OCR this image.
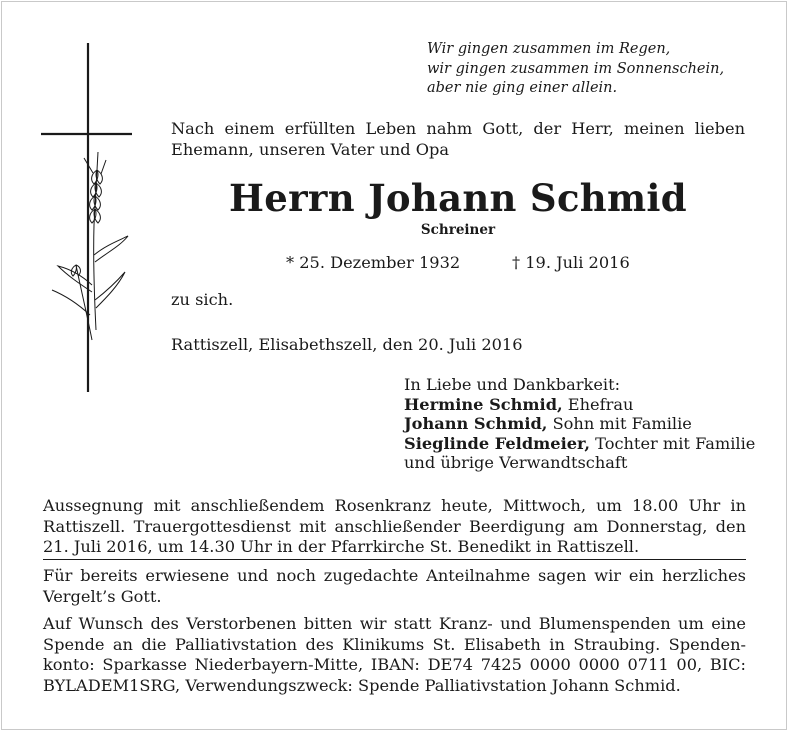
Wir gingen zusammen im Regen,
wir gingen zusammen im Sonnenschein,
aber nie ging einer allein.

Nach einem erfüllten Leben nahm Gott, der Herr, meinen lieben Ehemann, unseren Vater und Opa

Herrn Johann Schmid
Schreiner
* 25. Dezember 1932	† 19. Juli 2016
zu sich.
Rattiszell, Elisabethszell, den 20. Juli 2016
In Liebe und Dankbarkeit:
Hermine Schmid, Ehefrau
Johann Schmid, Sohn mit Familie
Sieglinde Feldmeier, Tochter mit Familie
und übrige Verwandtschaft

Aussegnung mit anschließendem Rosenkranz heute, Mittwoch, um 18.00 Uhr in Rattiszell. Trauergottesdienst mit anschließender Beerdigung am Donnerstag, den 21. Juli 2016, um 14.30 Uhr in der Pfarrkirche St. Benedikt in Rattiszell.

Für bereits erwiesene und noch zugedachte Anteilnahme sagen wir ein herzliches Vergelt’s Gott.

Auf Wunsch des Verstorbenen bitten wir statt Kranz- und Blumenspenden um eine Spende an die Palliativstation des Klinikums St. Elisabeth in Straubing. Spendenkonto: Sparkasse Niederbayern-Mitte, IBAN: DE74 7425 0000 0000 0711 00, BIC: BYLADEM1SRG, Verwendungszweck: Spende Palliativstation Johann Schmid.
